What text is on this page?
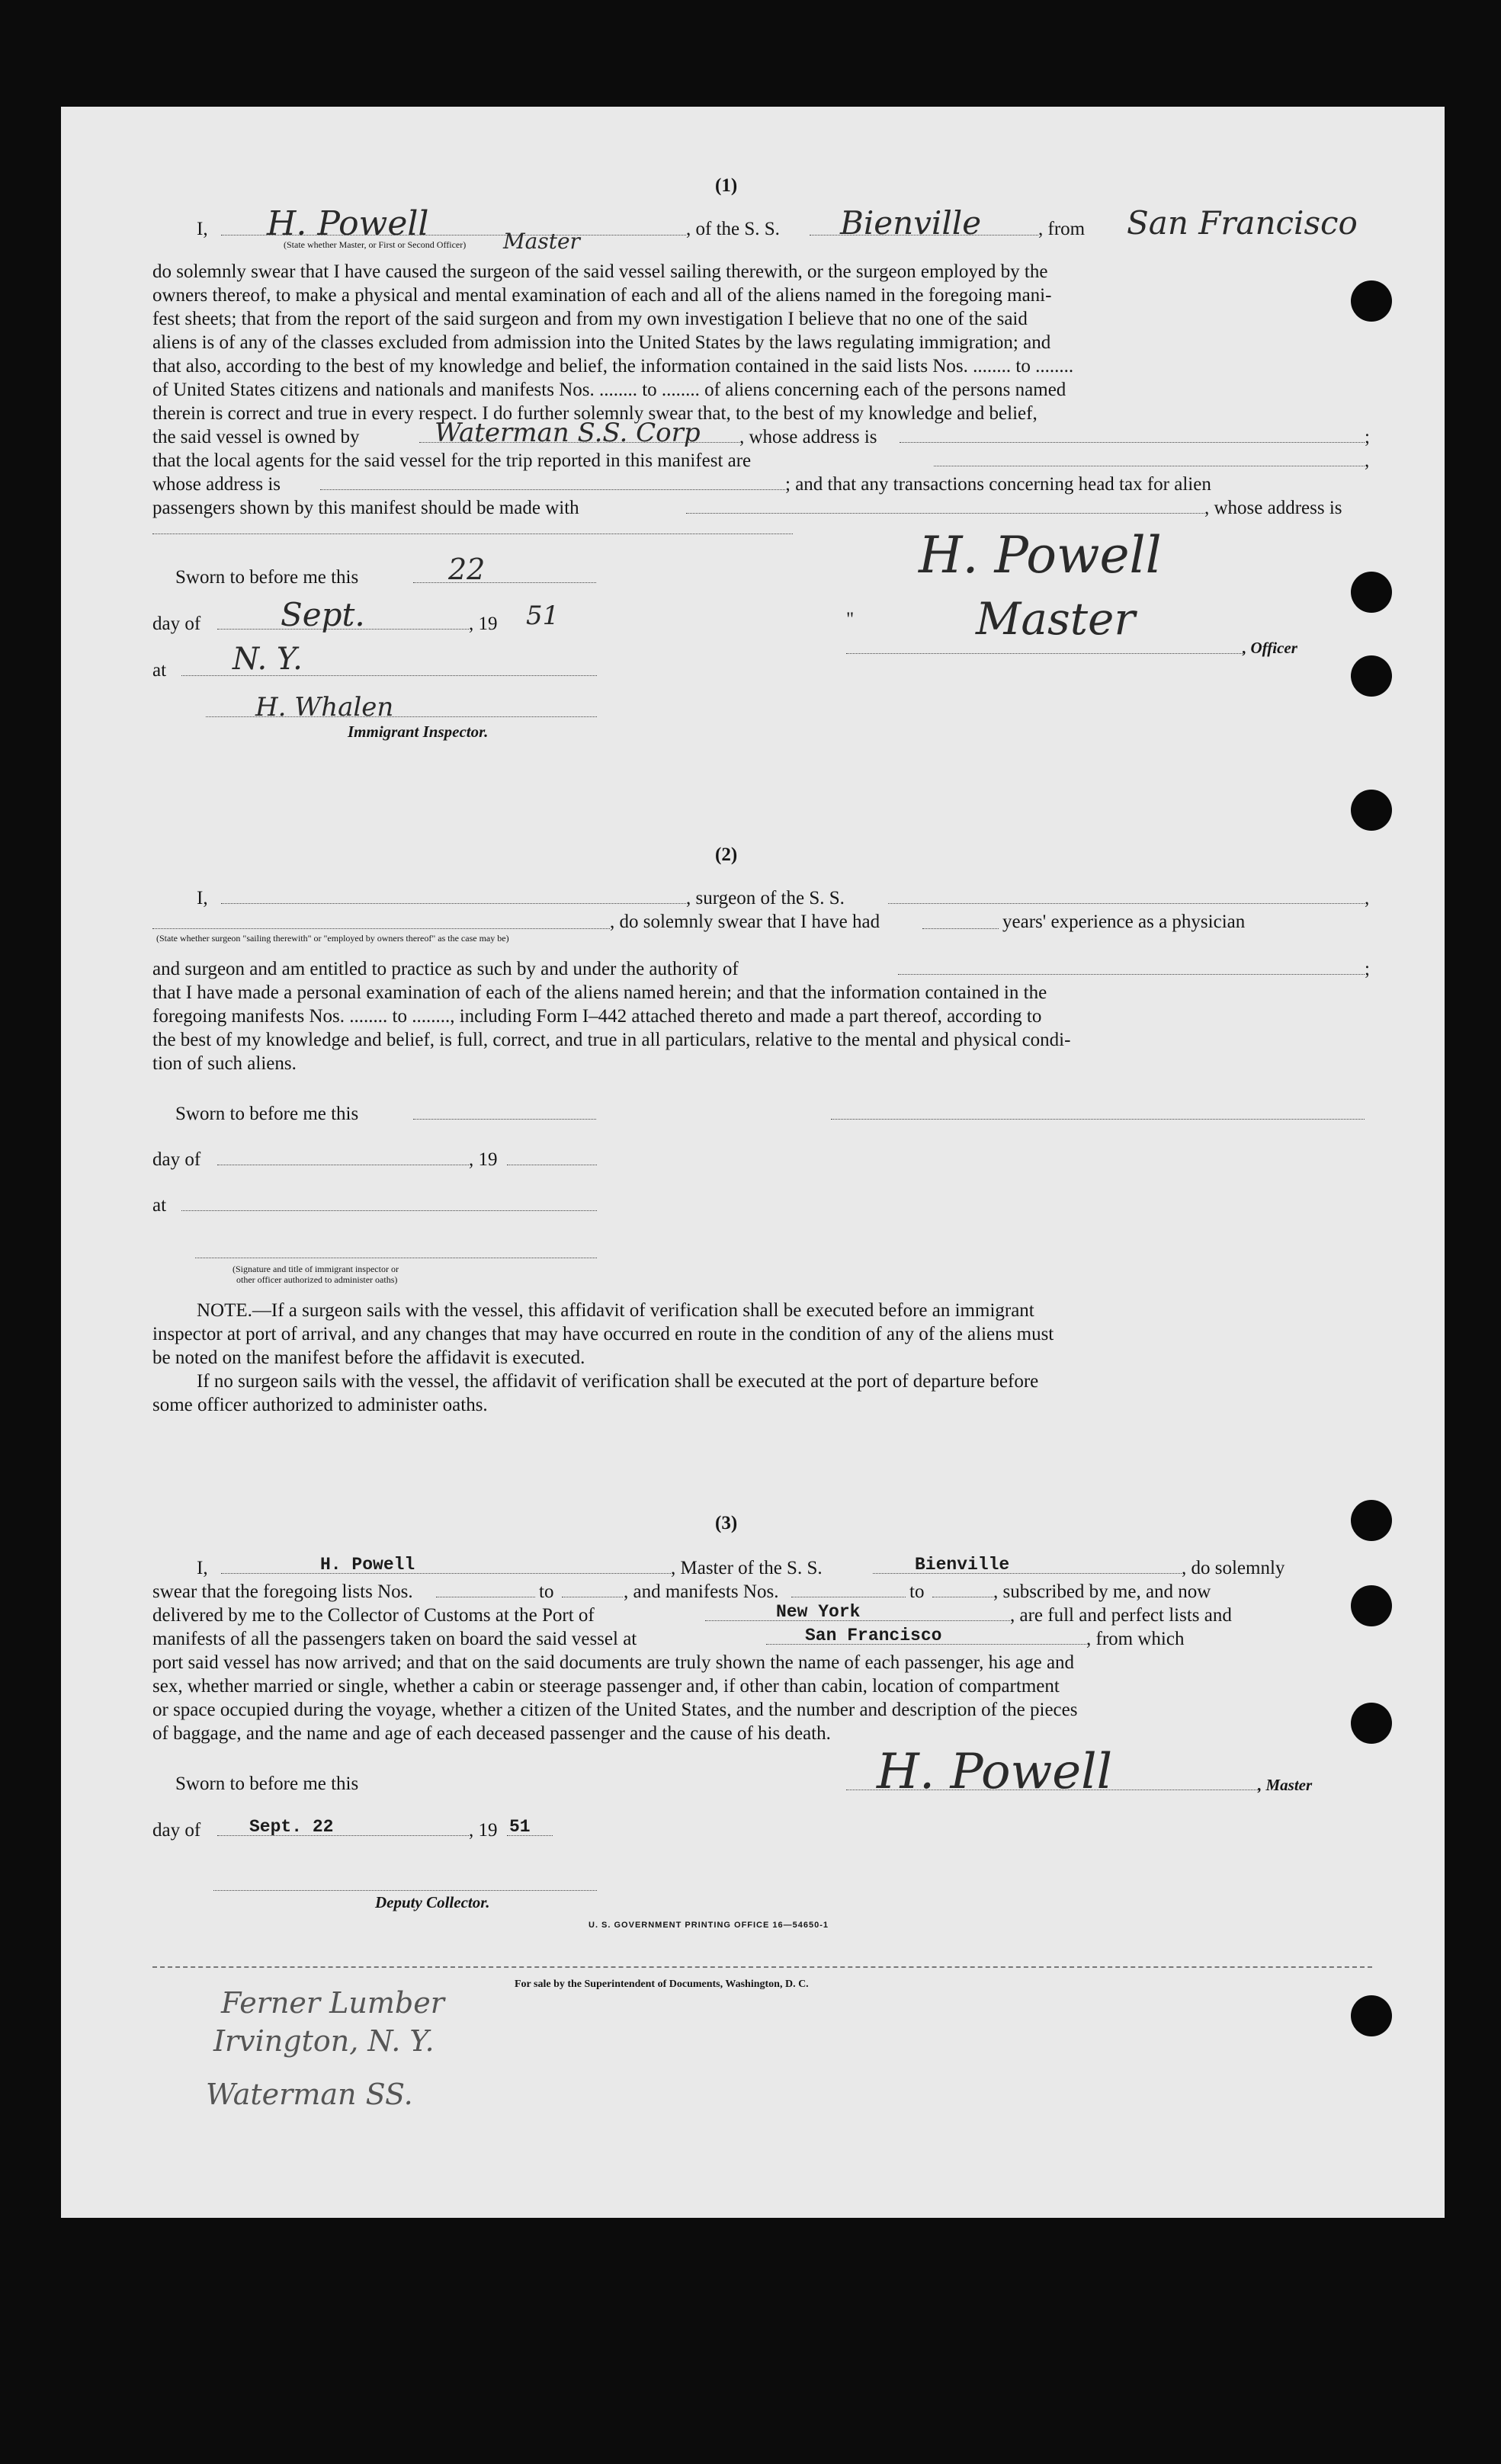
(1)
I, H. Powell	Master
(State whether Master, or First or Second Officer)
, of the S. S. Bienville	, from San Francisco
do solemnly swear that I have caused the surgeon of the said vessel sailing therewith, or the surgeon employed by the
owners thereof, to make a physical and mental examination of each and all of the aliens named in the foregoing mani-
fest sheets; that from the report of the said surgeon and from my own investigation I believe that no one of the said
aliens is of any of the classes excluded from admission into the United States by the laws regulating immigration; and
that also, according to the best of my knowledge and belief, the information contained in the said lists Nos. ........ to ........
of United States citizens and nationals and manifests Nos. ........ to ........ of aliens concerning each of the persons named
therein is correct and true in every respect. I do further solemnly swear that, to the best of my knowledge and belief,
the said vessel is owned by	Waterman S.S. Corp , whose address is	;
that the local agents for the said vessel for the trip reported in this manifest are	,
whose address is	; and that any transactions concerning head tax for alien
passengers shown by this manifest should be made with	, whose address is
Sworn to before me this	22
day of Sept.	, 19 51
at N. Y.
H. Whalen
Immigrant Inspector.
H. Powell
"	Master
, Officer
(2)
I,	, surgeon of the S. S.	,
, do solemnly swear that I have had	years' experience as a physician
(State whether surgeon "sailing therewith" or "employed by owners thereof" as the case may be)
and surgeon and am entitled to practice as such by and under the authority of	;
that I have made a personal examination of each of the aliens named herein; and that the information contained in the
foregoing manifests Nos. ........ to ........, including Form I–442 attached thereto and made a part thereof, according to
the best of my knowledge and belief, is full, correct, and true in all particulars, relative to the mental and physical condi-
tion of such aliens.
Sworn to before me this
day of	, 19
at
(Signature and title of immigrant inspector or
other officer authorized to administer oaths)
NOTE.—If a surgeon sails with the vessel, this affidavit of verification shall be executed before an immigrant
inspector at port of arrival, and any changes that may have occurred en route in the condition of any of the aliens must
be noted on the manifest before the affidavit is executed.
If no surgeon sails with the vessel, the affidavit of verification shall be executed at the port of departure before
some officer authorized to administer oaths.
(3)
I,	H. Powell	, Master of the S. S.	Bienville	, do solemnly
swear that the foregoing lists Nos.	to	, and manifests Nos.	to	, subscribed by me, and now
delivered by me to the Collector of Customs at the Port of	New York	, are full and perfect lists and
manifests of all the passengers taken on board the said vessel at	San Francisco	, from which
port said vessel has now arrived; and that on the said documents are truly shown the name of each passenger, his age and
sex, whether married or single, whether a cabin or steerage passenger and, if other than cabin, location of compartment
or space occupied during the voyage, whether a citizen of the United States, and the number and description of the pieces
of baggage, and the name and age of each deceased passenger and the cause of his death.
Sworn to before me this	H. Powell	, Master
day of	Sept. 22	, 19 51
Deputy Collector.
U. S. GOVERNMENT PRINTING OFFICE 16—54650-1
For sale by the Superintendent of Documents, Washington, D. C.
Ferner Lumber
Irvington, N. Y.
Waterman SS.
